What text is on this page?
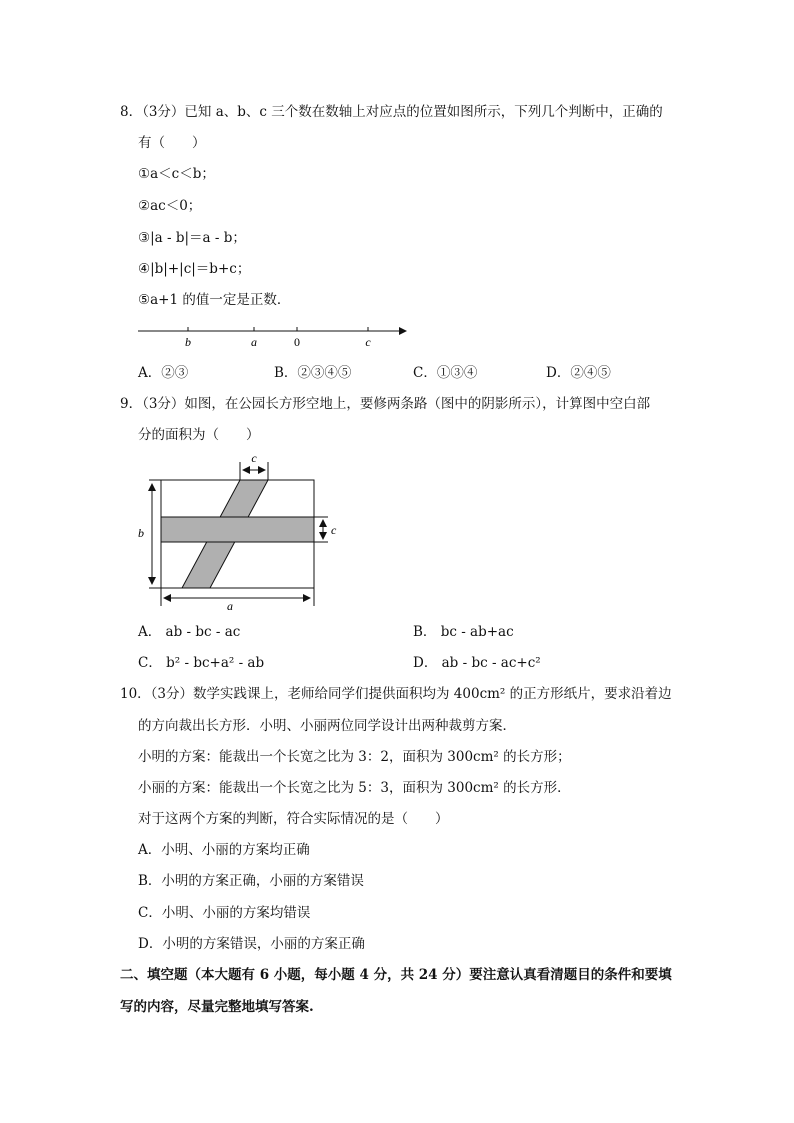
8．（3分）已知 a、b、c 三个数在数轴上对应点的位置如图所示，下列几个判断中，正确的
有（　　）
①a＜c＜b；
②ac＜0；
③|a - b|＝a - b；
④|b|+|c|＝b+c；
⑤a+1 的值一定是正数．
b	a	0	c
A．②③	B．②③④⑤	C．①③④	D．②④⑤
9．（3分）如图，在公园长方形空地上，要修两条路（图中的阴影所示），计算图中空白部
分的面积为（　　）
c
c
b
a
A． ab - bc - ac	B． bc - ab+ac
C． b² - bc+a² - ab	D． ab - bc - ac+c²
10．（3分）数学实践课上，老师给同学们提供面积均为 400cm² 的正方形纸片，要求沿着边
的方向裁出长方形．小明、小丽两位同学设计出两种裁剪方案．
小明的方案：能裁出一个长宽之比为 3：2，面积为 300cm² 的长方形；
小丽的方案：能裁出一个长宽之比为 5：3，面积为 300cm² 的长方形．
对于这两个方案的判断，符合实际情况的是（　　）
A．小明、小丽的方案均正确
B．小明的方案正确，小丽的方案错误
C．小明、小丽的方案均错误
D．小明的方案错误，小丽的方案正确
二、填空题（本大题有 6 小题，每小题 4 分，共 24 分）要注意认真看清题目的条件和要填
写的内容，尽量完整地填写答案.
